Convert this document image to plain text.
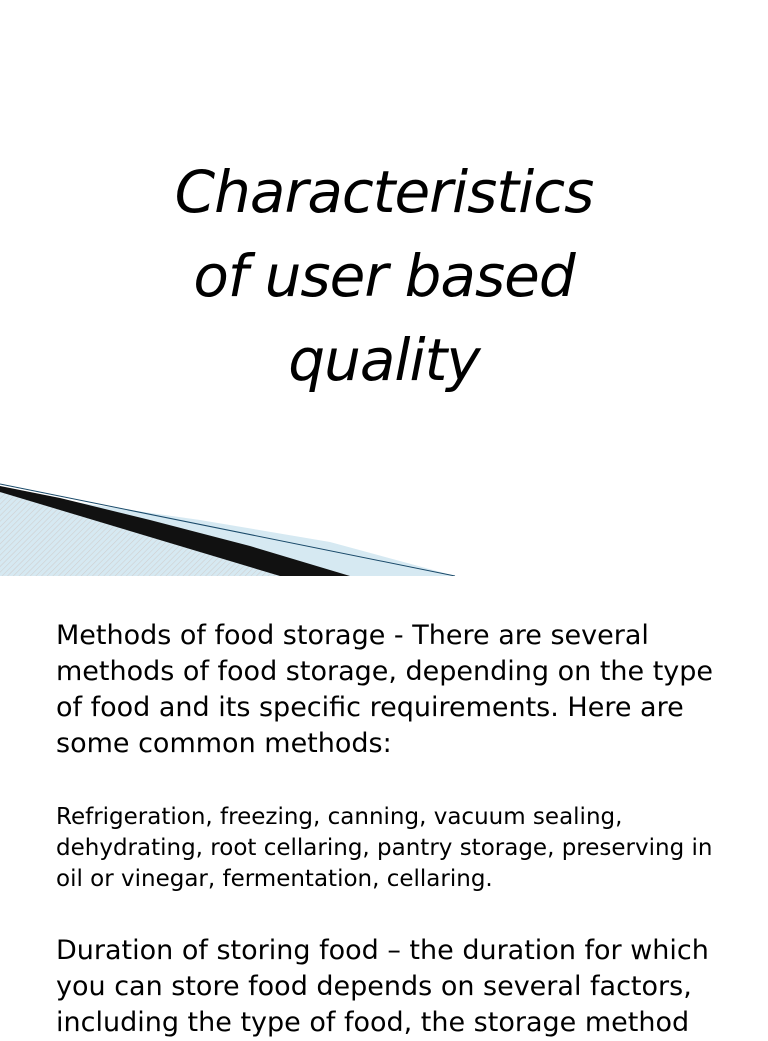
Characteristics
of user based
quality

Methods of food storage - There are several methods of food storage, depending on the type of food and its specific requirements. Here are some common methods:

Refrigeration, freezing, canning, vacuum sealing, dehydrating, root cellaring, pantry storage, preserving in oil or vinegar, fermentation, cellaring.

Duration of storing food – the duration for which you can store food depends on several factors, including the type of food, the storage method
